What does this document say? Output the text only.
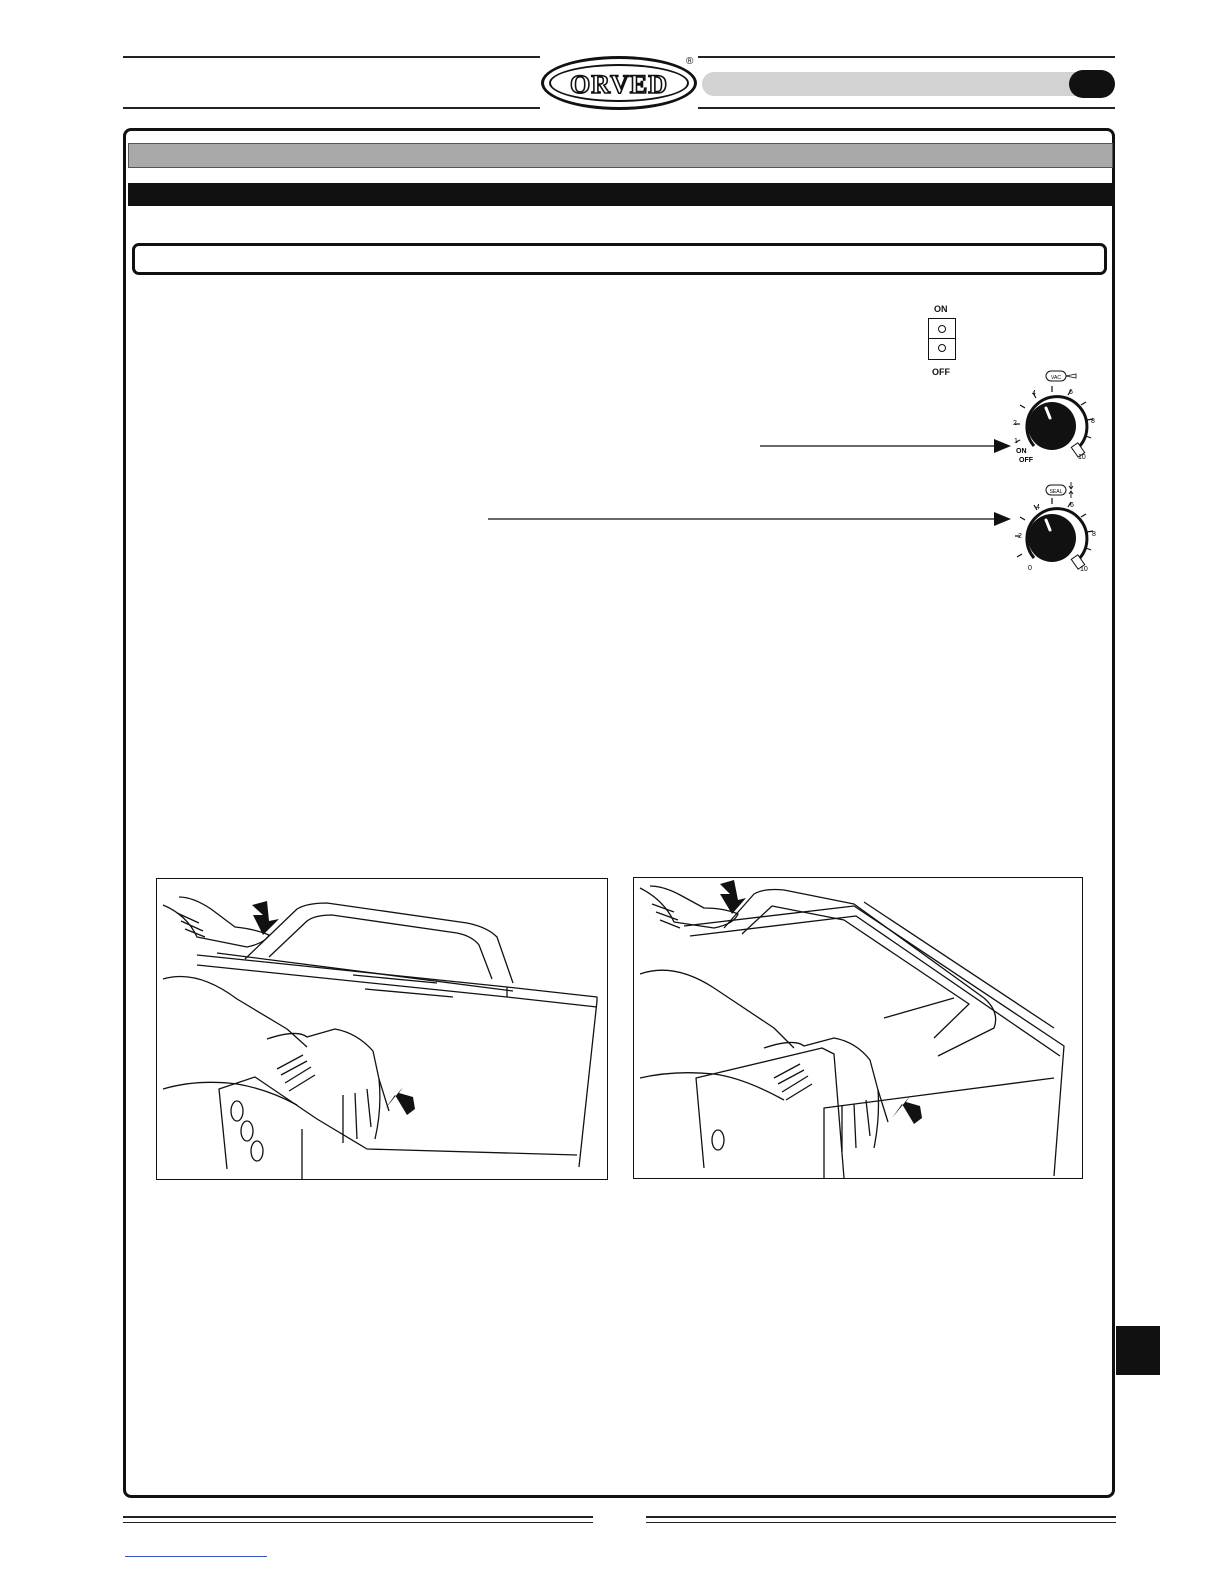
ORVED
®
ON
OFF
VAC
1
2
4	6
8
10
ON
OFF
SEAL
0
2
4	6
8
10
